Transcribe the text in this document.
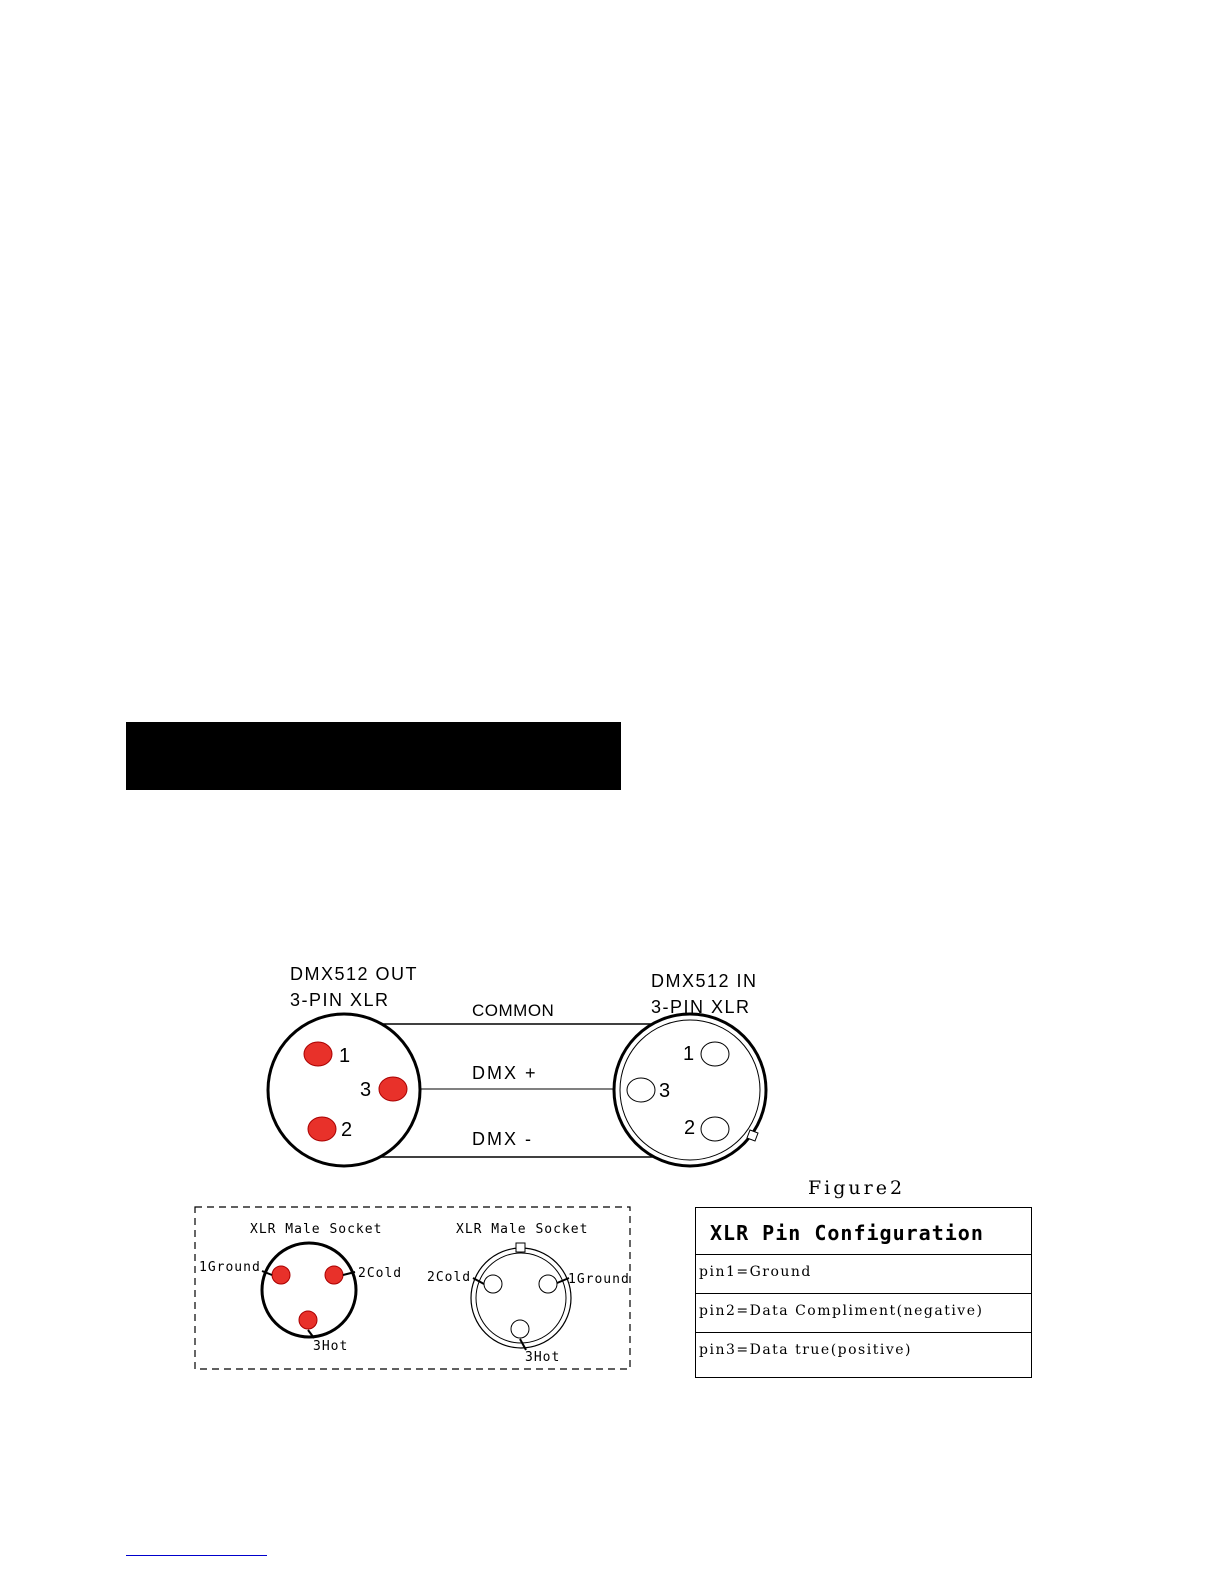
1
3
2
DMX512 OUT
3-PIN XLR
1
3
2
DMX512 IN
3-PIN XLR
COMMON
DMX +
DMX -
XLR Male Socket
1Ground	2Cold
3Hot
XLR Male Socket
2Cold	1Ground
3Hot
Figure2
XLR Pin Configuration
pin1=Ground
pin2=Data Compliment(negative)
pin3=Data true(positive)
